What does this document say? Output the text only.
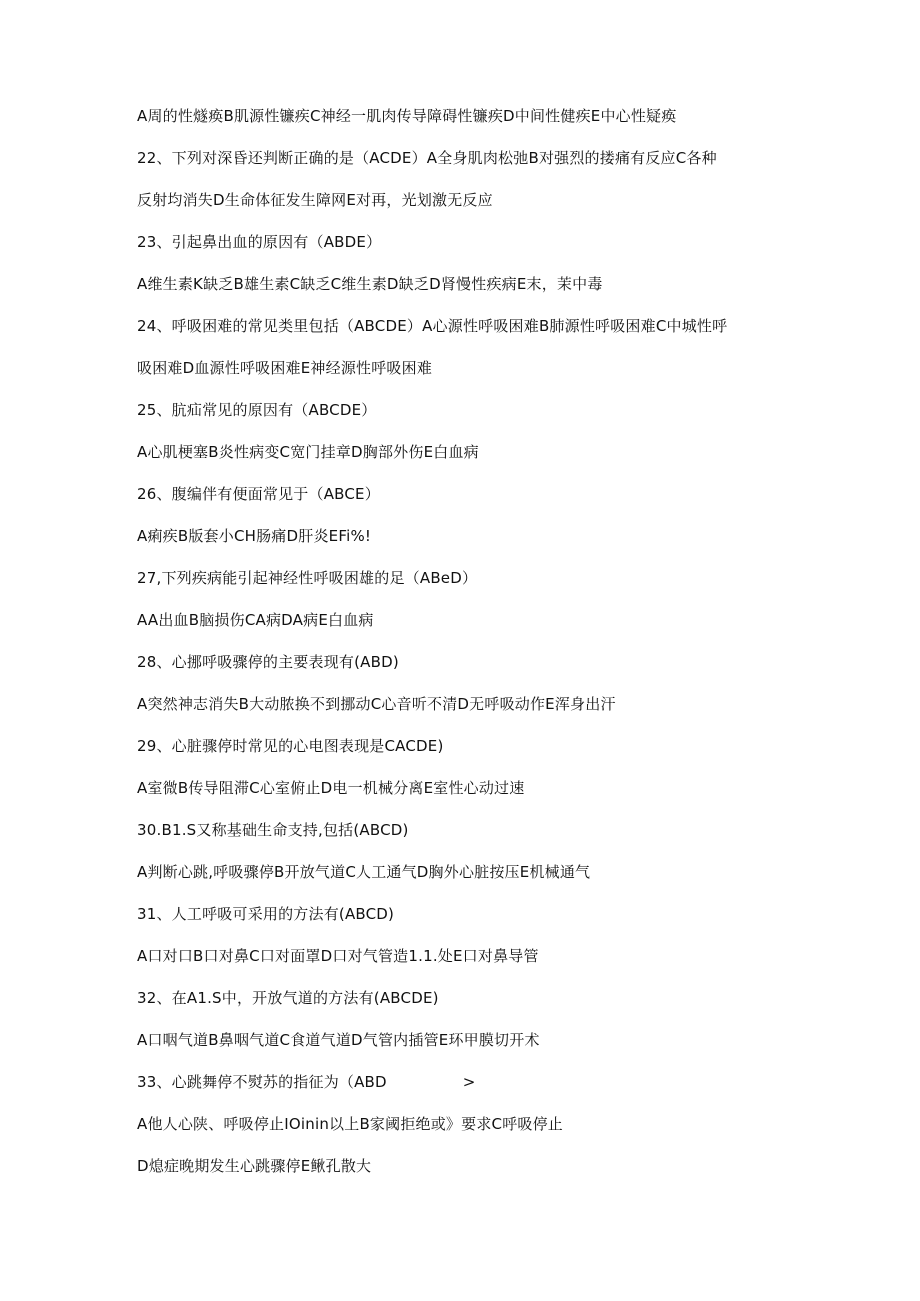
A周的性燧痪B肌源性镰疾C神经一肌肉传导障碍性镰疾D中间性健疾E中心性疑痪
22、下列对深昏还判断正确的是（ACDE）A全身肌肉松弛B对强烈的搂痛有反应C各种
反射均消失D生命体征发生障网E对再，光划激无反应
23、引起鼻出血的原因有（ABDE）
A维生素K缺乏B雄生素C缺乏C维生素D缺乏D肾慢性疾病E末，茉中毒
24、呼吸困难的常见类里包括（ABCDE）A心源性呼吸困难B肺源性呼吸困难C中城性呼
吸困难D血源性呼吸困难E神经源性呼吸困难
25、肮疝常见的原因有（ABCDE）
A心肌梗塞B炎性病变C宽门挂章D胸部外伤E白血病
26、腹编伴有便面常见于（ABCE）
A痢疾B版套小CH肠痛D肝炎EFi%!
27,下列疾病能引起神经性呼吸困雄的足（ABeD）
AA出血B脑损伤CA病DA病E白血病
28、心挪呼吸骤停的主要表现有(ABD)
A突然神志消失B大动脓换不到挪动C心音听不清D无呼吸动作E浑身出汗
29、心脏骤停时常见的心电图表现是CACDE)
A室微B传导阻滞C心室俯止D电一机械分离E室性心动过速
30.B1.S又称基础生命支持,包括(ABCD)
A判断心跳,呼吸骤停B开放气道C人工通气D胸外心脏按压E机械通气
31、人工呼吸可采用的方法有(ABCD)
A口对口B口对鼻C口对面罩D口对气管造1.1.处E口对鼻导管
32、在A1.S中，开放气道的方法有(ABCDE)
A口咽气道B鼻咽气道C食道气道D气管内插管E环甲膜切开术
33、心跳舞停不熨苏的指征为（ABD　　　　　>
A他人心陕、呼吸停止IOinin以上B家阈拒绝或》要求C呼吸停止
D熄症晚期发生心跳骤停E鳅孔散大
